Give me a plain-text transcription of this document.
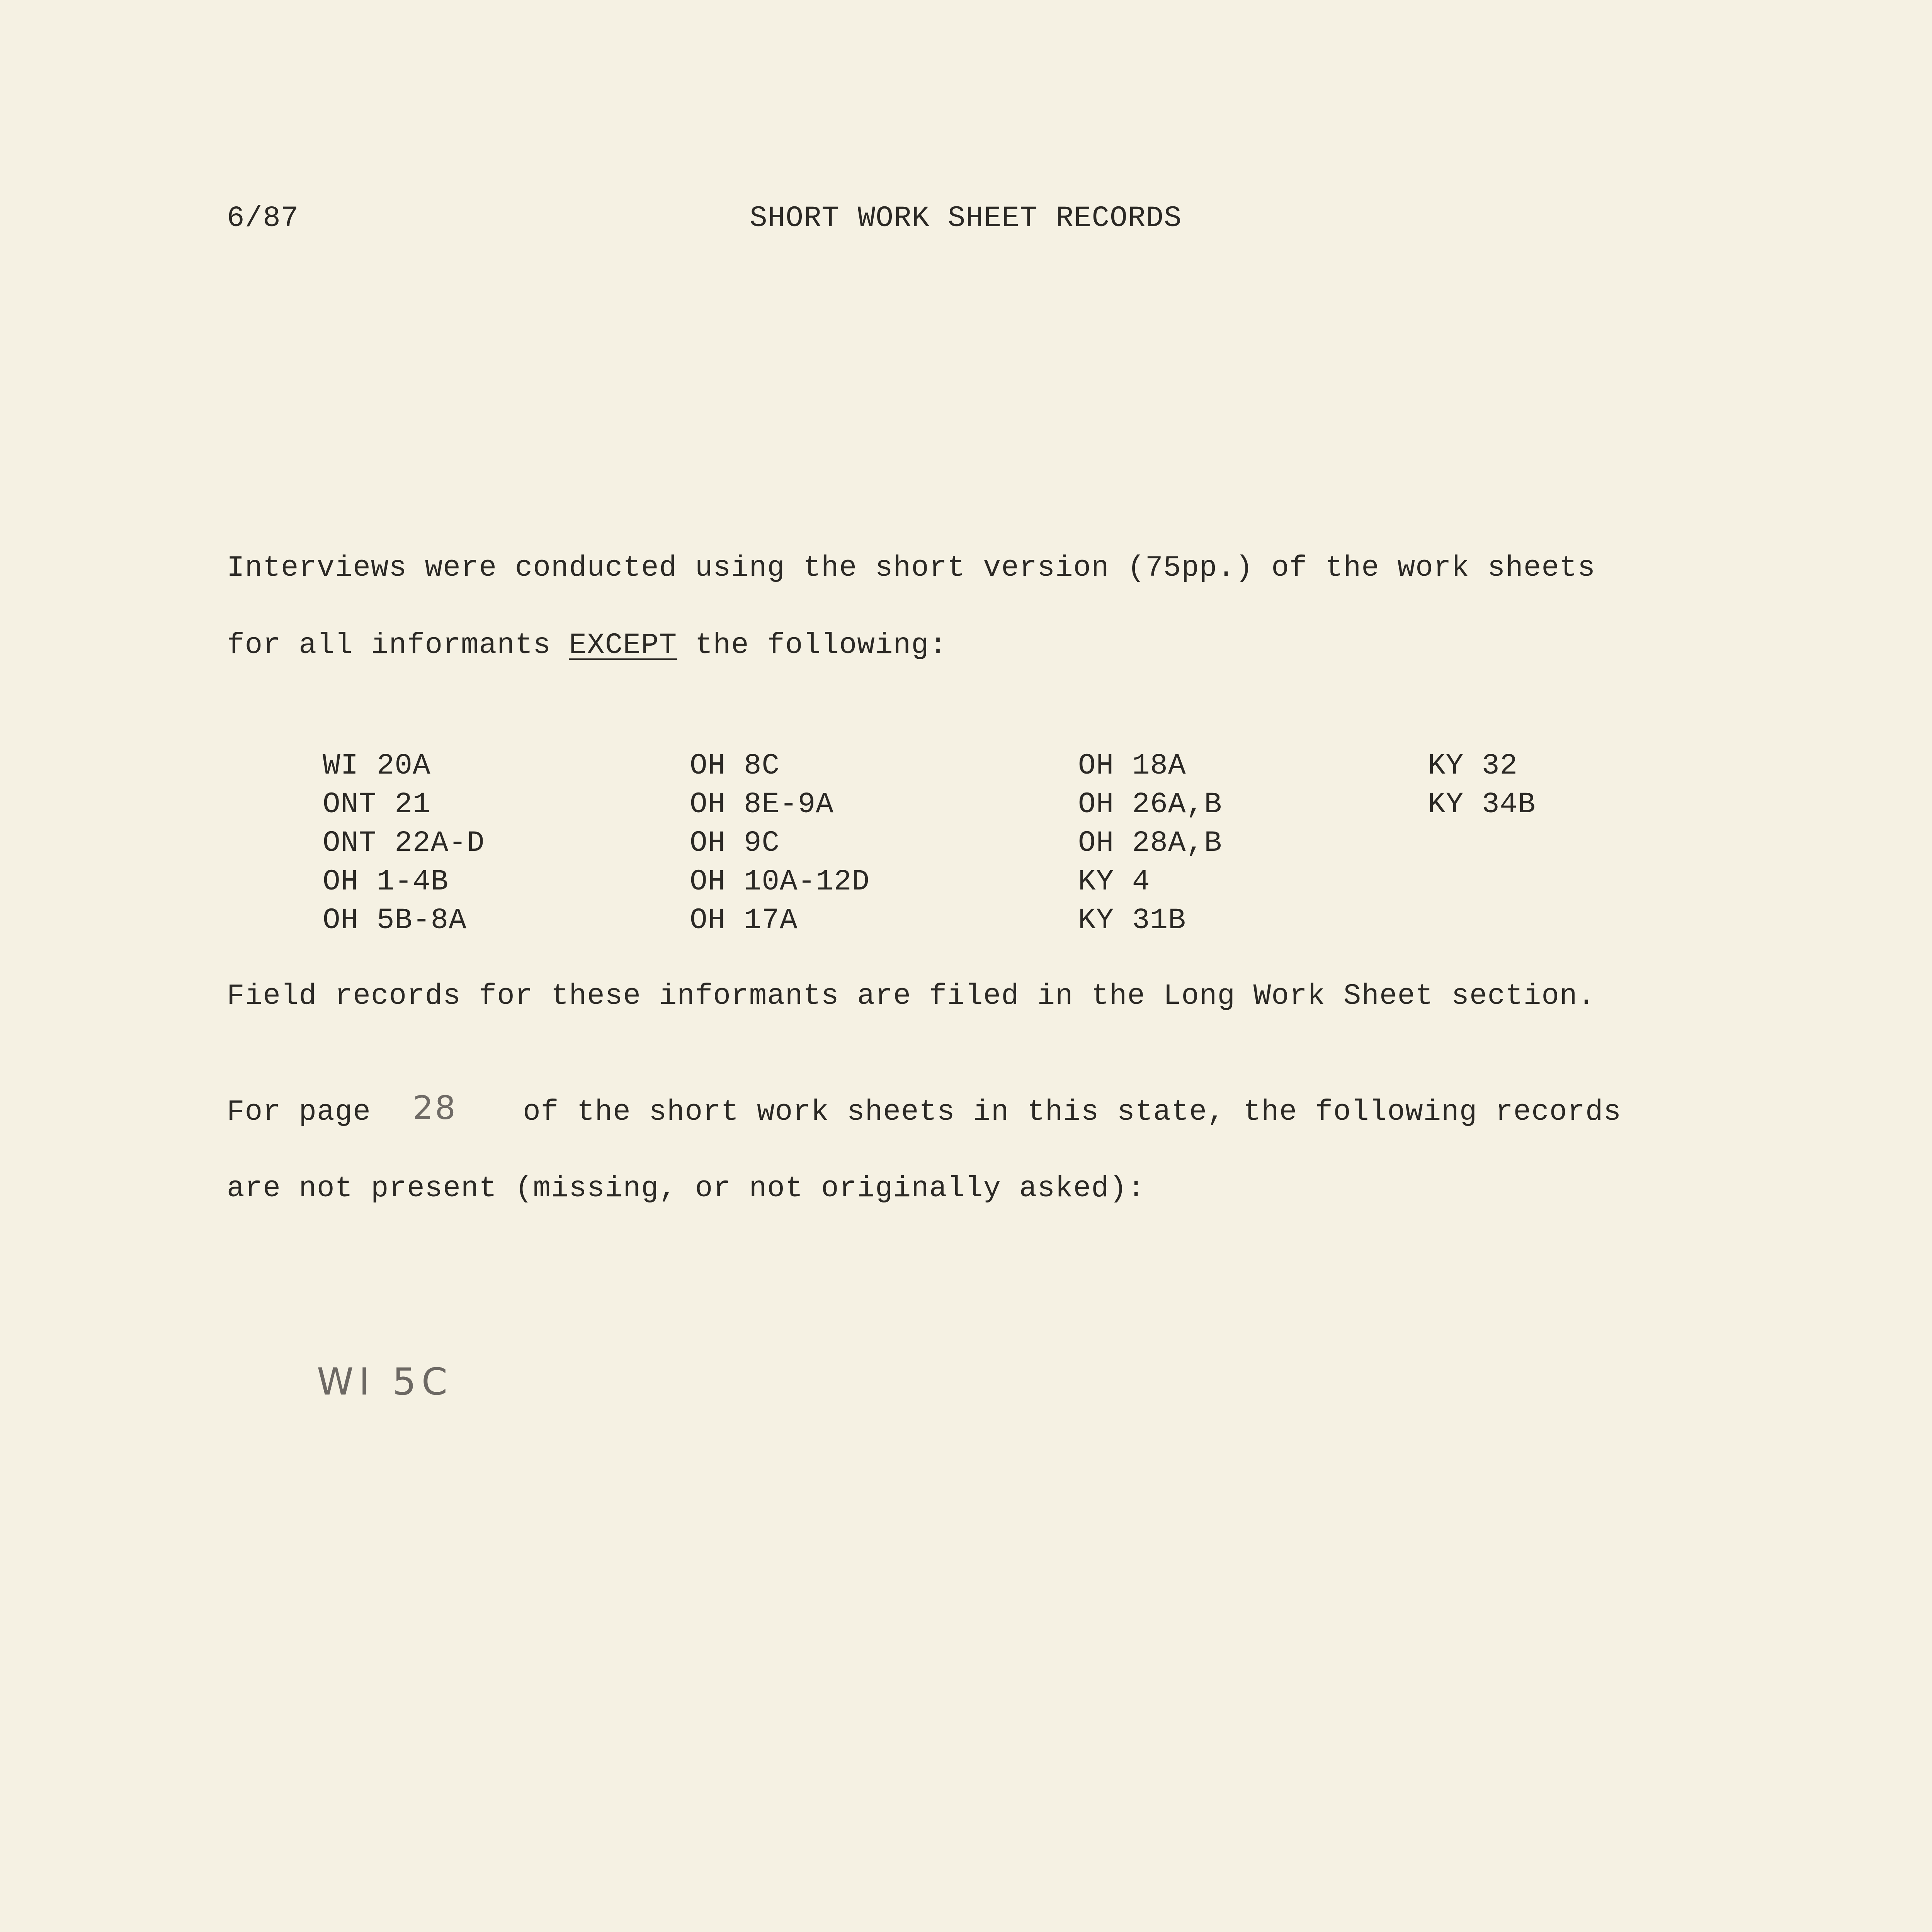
6/87	SHORT WORK SHEET RECORDS
Interviews were conducted using the short version (75pp.) of the work sheets
for all informants EXCEPT the following:
WI 20A
ONT 21
ONT 22A-D
OH 1-4B
OH 5B-8A
OH 8C
OH 8E-9A
OH 9C
OH 10A-12D
OH 17A
OH 18A
OH 26A,B
OH 28A,B
KY 4
KY 31B
KY 32
KY 34B
Field records for these informants are filed in the Long Work Sheet section.
For page	of the short work sheets in this state, the following records
28
are not present (missing, or not originally asked):
WI 5C
